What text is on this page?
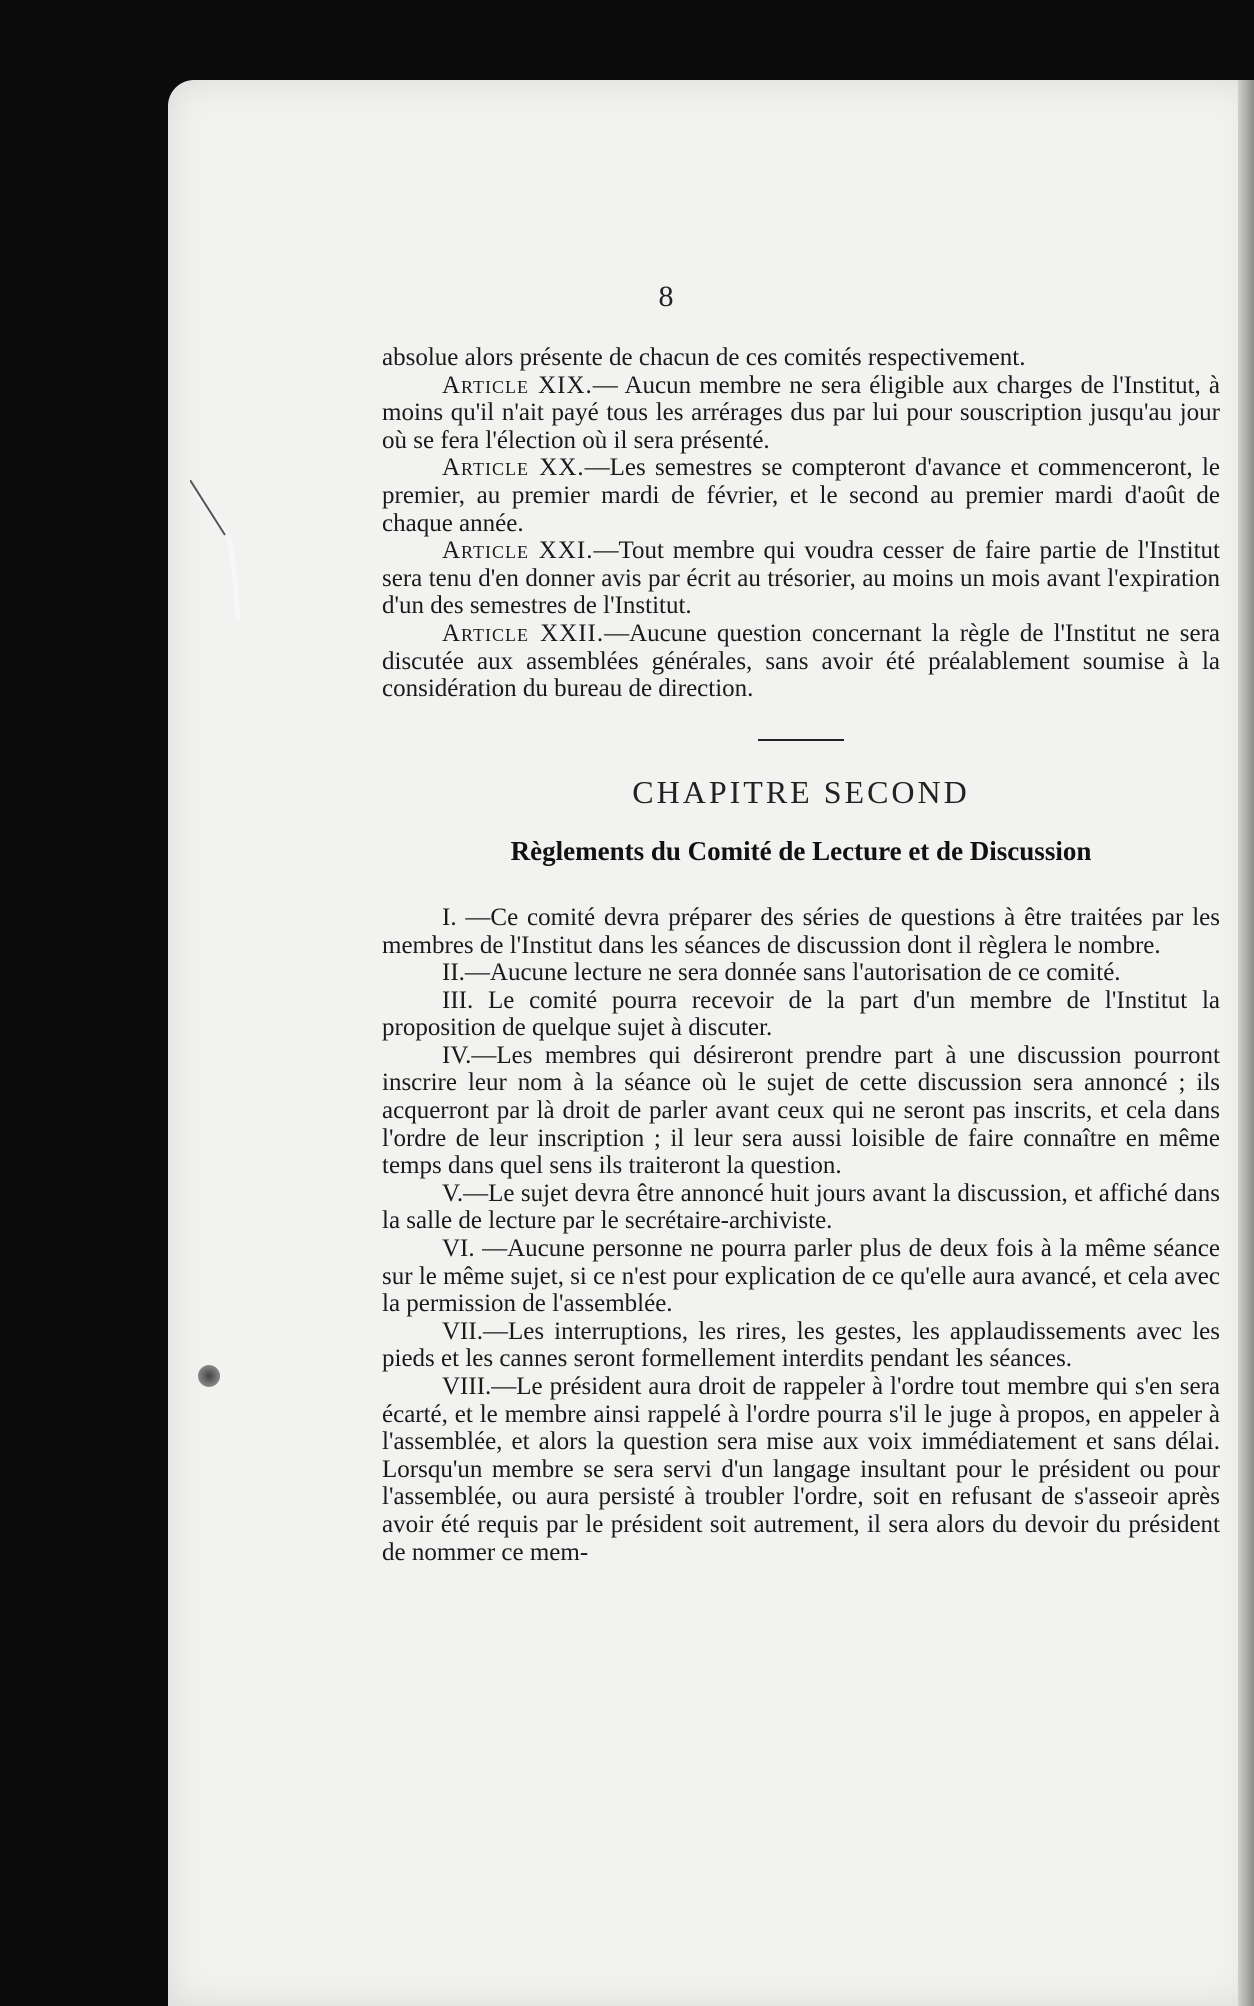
8

absolue alors présente de chacun de ces comités respectivement.

Article XIX.— Aucun membre ne sera éligible aux charges de l'Institut, à moins qu'il n'ait payé tous les arrérages dus par lui pour souscription jusqu'au jour où se fera l'élection où il sera présenté.

Article XX.—Les semestres se compteront d'avance et commenceront, le premier, au premier mardi de février, et le second au premier mardi d'août de chaque année.

Article XXI.—Tout membre qui voudra cesser de faire partie de l'Institut sera tenu d'en donner avis par écrit au trésorier, au moins un mois avant l'expiration d'un des semestres de l'Institut.

Article XXII.—Aucune question concernant la règle de l'Institut ne sera discutée aux assemblées générales, sans avoir été préalablement soumise à la considération du bureau de direction.

CHAPITRE SECOND
Règlements du Comité de Lecture et de Discussion

I. —Ce comité devra préparer des séries de questions à être traitées par les membres de l'Institut dans les séances de discussion dont il règlera le nombre.

II.—Aucune lecture ne sera donnée sans l'autorisation de ce comité.

III. Le comité pourra recevoir de la part d'un membre de l'Institut la proposition de quelque sujet à discuter.

IV.—Les membres qui désireront prendre part à une discussion pourront inscrire leur nom à la séance où le sujet de cette discussion sera annoncé ; ils acquerront par là droit de parler avant ceux qui ne seront pas inscrits, et cela dans l'ordre de leur inscription ; il leur sera aussi loisible de faire connaître en même temps dans quel sens ils traiteront la question.

V.—Le sujet devra être annoncé huit jours avant la discussion, et affiché dans la salle de lecture par le secrétaire-archiviste.

VI. —Aucune personne ne pourra parler plus de deux fois à la même séance sur le même sujet, si ce n'est pour explication de ce qu'elle aura avancé, et cela avec la permission de l'assemblée.

VII.—Les interruptions, les rires, les gestes, les applaudissements avec les pieds et les cannes seront formellement interdits pendant les séances.

VIII.—Le président aura droit de rappeler à l'ordre tout membre qui s'en sera écarté, et le membre ainsi rappelé à l'ordre pourra s'il le juge à propos, en appeler à l'assemblée, et alors la question sera mise aux voix immédiatement et sans délai. Lorsqu'un membre se sera servi d'un langage insultant pour le président ou pour l'assemblée, ou aura persisté à troubler l'ordre, soit en refusant de s'asseoir après avoir été requis par le président soit autrement, il sera alors du devoir du président de nommer ce mem-
